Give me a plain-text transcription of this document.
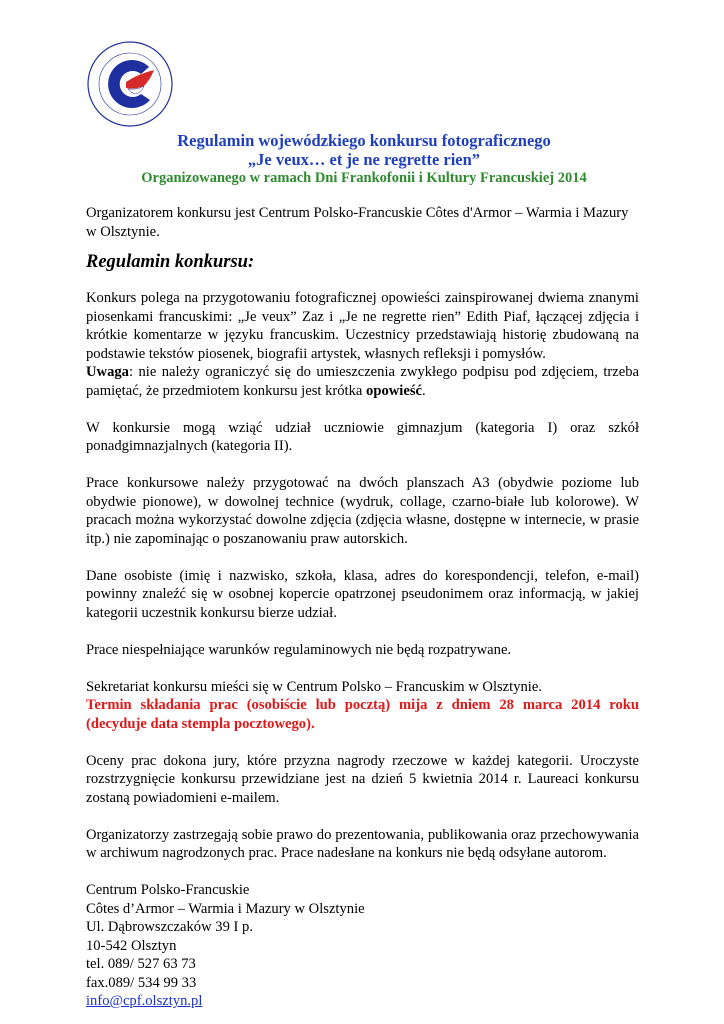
Regulamin wojewódzkiego konkursu fotograficznego
„Je veux… et je ne regrette rien”
Organizowanego w ramach Dni Frankofonii i Kultury Francuskiej 2014

Organizatorem konkursu jest Centrum Polsko-Francuskie Côtes d'Armor – Warmia i Mazury w Olsztynie.

Regulamin konkursu:

Konkurs polega na przygotowaniu fotograficznej opowieści zainspirowanej dwiema znanymi piosenkami francuskimi: „Je veux” Zaz i „Je ne regrette rien” Edith Piaf, łączącej zdjęcia i krótkie komentarze w języku francuskim. Uczestnicy przedstawiają historię zbudowaną na podstawie tekstów piosenek, biografii artystek, własnych refleksji i pomysłów.

Uwaga: nie należy ograniczyć się do umieszczenia zwykłego podpisu pod zdjęciem, trzeba pamiętać, że przedmiotem konkursu jest krótka opowieść.

W konkursie mogą wziąć udział uczniowie gimnazjum (kategoria I) oraz szkół ponadgimnazjalnych (kategoria II).

Prace konkursowe należy przygotować na dwóch planszach A3 (obydwie poziome lub obydwie pionowe), w dowolnej technice (wydruk, collage, czarno-białe lub kolorowe). W pracach można wykorzystać dowolne zdjęcia (zdjęcia własne, dostępne w internecie, w prasie itp.) nie zapominając o poszanowaniu praw autorskich.

Dane osobiste (imię i nazwisko, szkoła, klasa, adres do korespondencji, telefon, e-mail) powinny znaleźć się w osobnej kopercie opatrzonej pseudonimem oraz informacją, w jakiej kategorii uczestnik konkursu bierze udział.

Prace niespełniające warunków regulaminowych nie będą rozpatrywane.

Sekretariat konkursu mieści się w Centrum Polsko – Francuskim w Olsztynie.

Termin składania prac (osobiście lub pocztą) mija z dniem 28 marca 2014 roku (decyduje data stempla pocztowego).

Oceny prac dokona jury, które przyzna nagrody rzeczowe w każdej kategorii. Uroczyste rozstrzygnięcie konkursu przewidziane jest na dzień 5 kwietnia 2014 r. Laureaci konkursu zostaną powiadomieni e-mailem.

Organizatorzy zastrzegają sobie prawo do prezentowania, publikowania oraz przechowywania w archiwum nagrodzonych prac. Prace nadesłane na konkurs nie będą odsyłane autorom.

Centrum Polsko-Francuskie
Côtes d’Armor – Warmia i Mazury w Olsztynie
Ul. Dąbrowszczaków 39 I p.
10-542 Olsztyn
tel. 089/ 527 63 73
fax.089/ 534 99 33
info@cpf.olsztyn.pl
